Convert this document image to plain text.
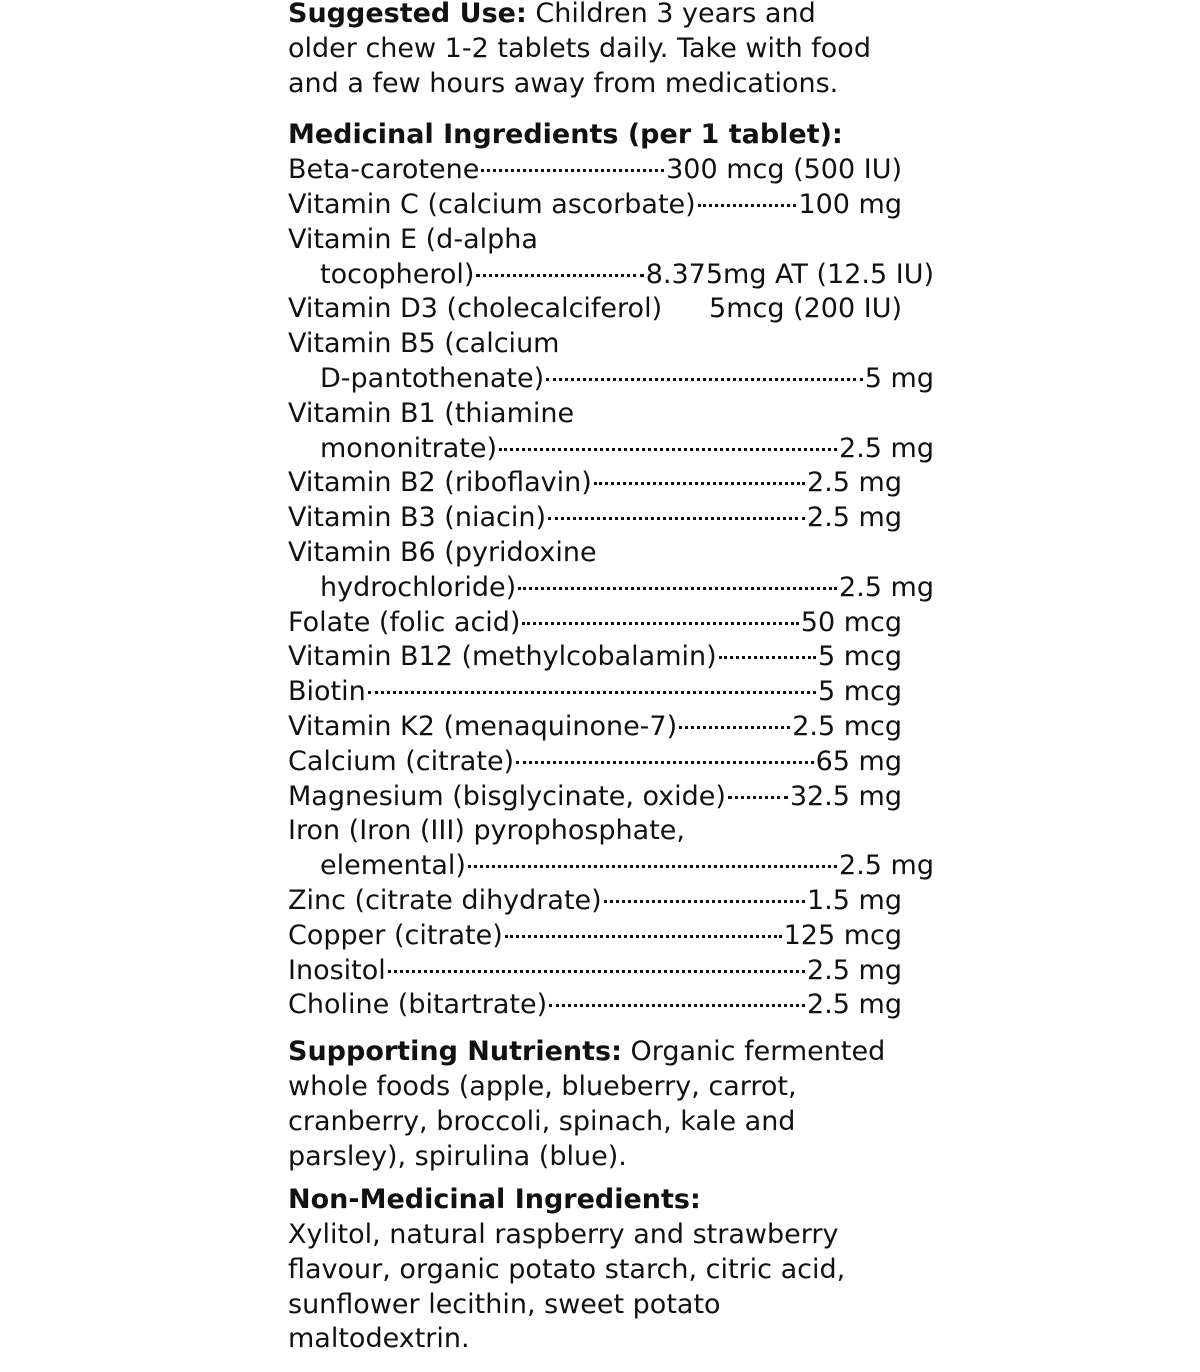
Suggested Use: Children 3 years and
older chew 1-2 tablets daily. Take with food
and a few hours away from medications.

Medicinal Ingredients (per 1 tablet):

Beta-carotene	300 mcg (500 IU)
Vitamin C (calcium ascorbate)	100 mg
Vitamin E (d-alpha
tocopherol)	8.375mg AT (12.5 IU)
Vitamin D3 (cholecalciferol) 5mcg (200 IU)
Vitamin B5 (calcium
D-pantothenate)	5 mg
Vitamin B1 (thiamine
mononitrate)	2.5 mg
Vitamin B2 (riboflavin)	2.5 mg
Vitamin B3 (niacin)	2.5 mg
Vitamin B6 (pyridoxine
hydrochloride)	2.5 mg
Folate (folic acid)	50 mcg
Vitamin B12 (methylcobalamin)	5 mcg
Biotin	5 mcg
Vitamin K2 (menaquinone-7)	2.5 mcg
Calcium (citrate)	65 mg
Magnesium (bisglycinate, oxide) 32.5 mg
Iron (Iron (III) pyrophosphate,
elemental)	2.5 mg
Zinc (citrate dihydrate)	1.5 mg
Copper (citrate)	125 mcg
Inositol	2.5 mg
Choline (bitartrate)	2.5 mg

Supporting Nutrients: Organic fermented
whole foods (apple, blueberry, carrot,
cranberry, broccoli, spinach, kale and
parsley), spirulina (blue).

Non-Medicinal Ingredients:

Xylitol, natural raspberry and strawberry
flavour, organic potato starch, citric acid,
sunflower lecithin, sweet potato
maltodextrin.
